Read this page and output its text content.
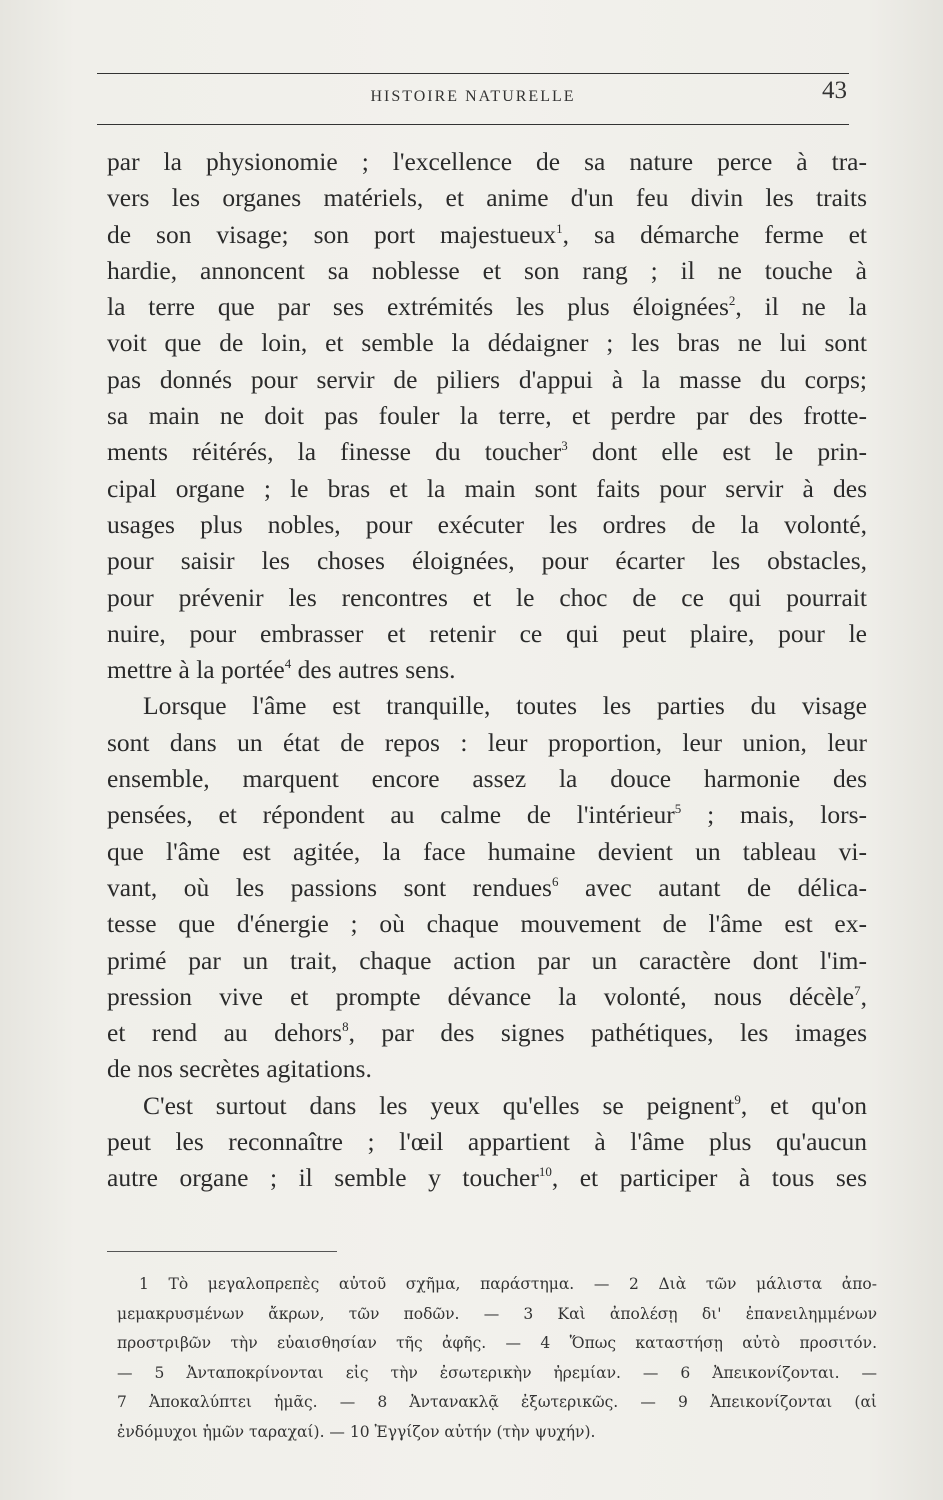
HISTOIRE NATURELLE	43
par la physionomie ; l'excellence de sa nature perce à tra-
vers les organes matériels, et anime d'un feu divin les traits
de son visage; son port majestueux$^1$, sa démarche ferme et
hardie, annoncent sa noblesse et son rang ; il ne touche à
la terre que par ses extrémités les plus éloignées$^2$, il ne la
voit que de loin, et semble la dédaigner ; les bras ne lui sont
pas donnés pour servir de piliers d'appui à la masse du corps;
sa main ne doit pas fouler la terre, et perdre par des frotte-
ments réitérés, la finesse du toucher$^3$ dont elle est le prin-
cipal organe ; le bras et la main sont faits pour servir à des
usages plus nobles, pour exécuter les ordres de la volonté,
pour saisir les choses éloignées, pour écarter les obstacles,
pour prévenir les rencontres et le choc de ce qui pourrait
nuire, pour embrasser et retenir ce qui peut plaire, pour le
mettre à la portée$^4$ des autres sens.
Lorsque l'âme est tranquille, toutes les parties du visage
sont dans un état de repos : leur proportion, leur union, leur
ensemble, marquent encore assez la douce harmonie des
pensées, et répondent au calme de l'intérieur$^5$ ; mais, lors-
que l'âme est agitée, la face humaine devient un tableau vi-
vant, où les passions sont rendues$^6$ avec autant de délica-
tesse que d'énergie ; où chaque mouvement de l'âme est ex-
primé par un trait, chaque action par un caractère dont l'im-
pression vive et prompte dévance la volonté, nous décèle$^7$,
et rend au dehors$^8$, par des signes pathétiques, les images
de nos secrètes agitations.
C'est surtout dans les yeux qu'elles se peignent$^9$, et qu'on
peut les reconnaître ; l'œil appartient à l'âme plus qu'aucun
autre organe ; il semble y toucher$^{10}$, et participer à tous ses
1 Τὸ μεγαλοπρεπὲς αὐτοῦ σχῆμα, παράστημα. — 2 Διὰ τῶν μάλιστα ἀπο-
μεμακρυσμένων ἄκρων, τῶν ποδῶν. — 3 Καὶ ἀπολέσῃ δι' ἐπανειλημμένων
προστριβῶν τὴν εὐαισθησίαν τῆς ἀφῆς. — 4 Ὅπως καταστήσῃ αὐτὸ προσιτόν.
— 5 Ἀνταποκρίνονται εἰς τὴν ἐσωτερικὴν ἠρεμίαν. — 6 Ἀπεικονίζονται. —
7 Ἀποκαλύπτει ἡμᾶς. — 8 Ἀντανακλᾷ ἐξωτερικῶς. — 9 Ἀπεικονίζονται (αἱ
ἐνδόμυχοι ἡμῶν ταραχαί). — 10 Ἐγγίζον αὐτήν (τὴν ψυχήν).
